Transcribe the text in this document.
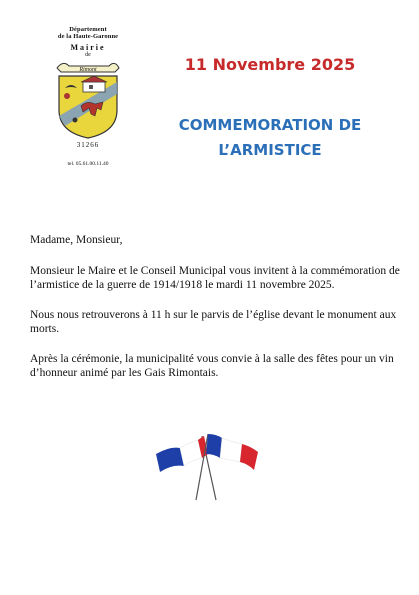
Département
de la Haute-Garonne
Mairie
de
Rimont
31266
tel. 05.61.00.11.40
11 Novembre 2025
COMMEMORATION DE
L’ARMISTICE

Madame, Monsieur,

Monsieur le Maire et le Conseil Municipal vous invitent à la commémoration de l’armistice de la guerre de 1914/1918 le mardi 11 novembre 2025.

Nous nous retrouverons à 11 h sur le parvis de l’église devant le monument aux morts.

Après la cérémonie, la municipalité vous convie à la salle des fêtes pour un vin d’honneur animé par les Gais Rimontais.
